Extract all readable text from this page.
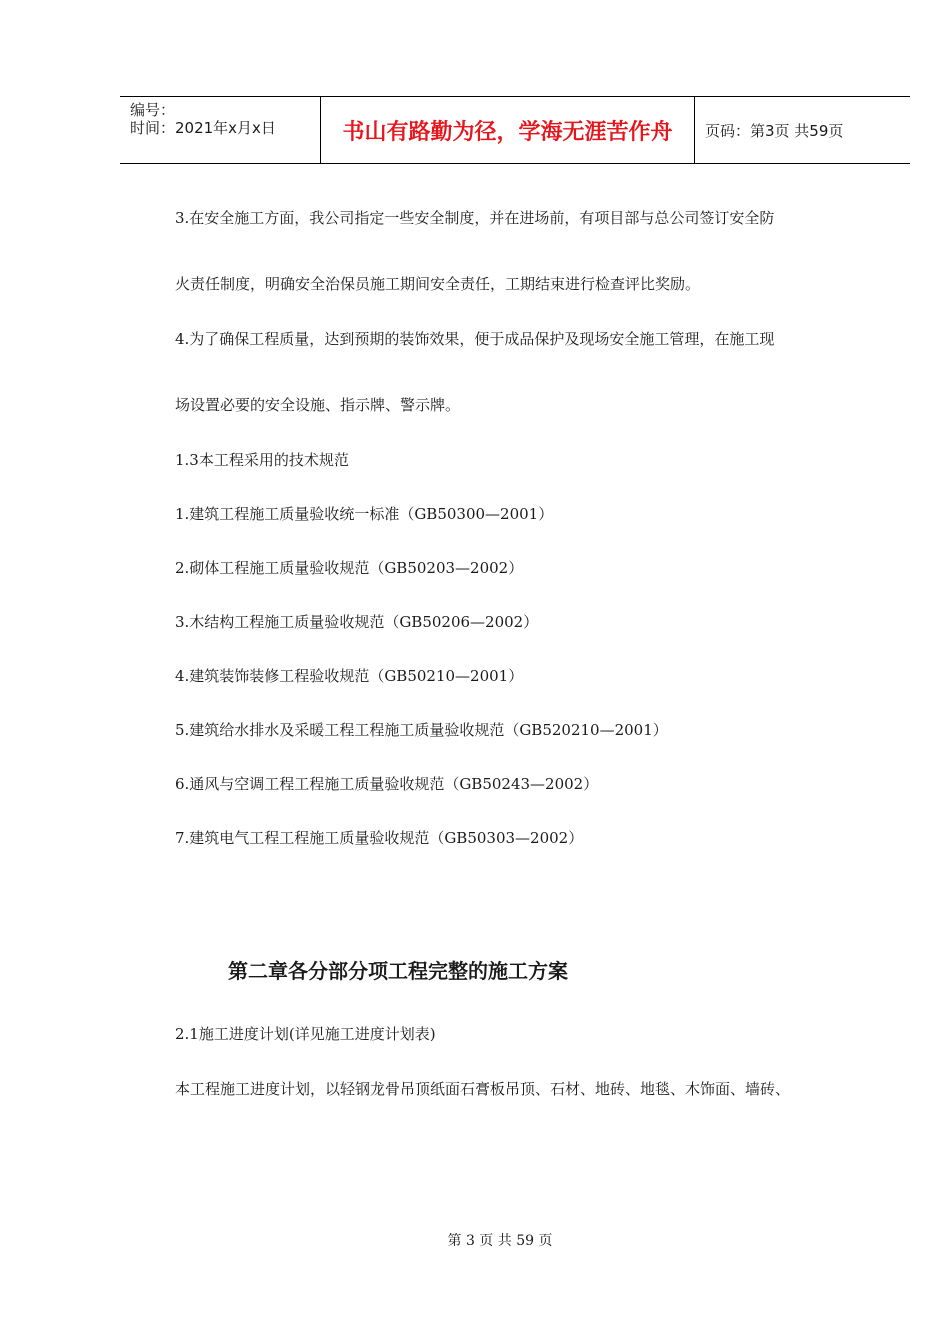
编号：
时间：2021年x月x日	书山有路勤为径，学海无涯苦作舟	页码：第3页 共59页
3.在安全施工方面，我公司指定一些安全制度，并在进场前，有项目部与总公司签订安全防
火责任制度，明确安全治保员施工期间安全责任，工期结束进行检查评比奖励。
4.为了确保工程质量，达到预期的装饰效果，便于成品保护及现场安全施工管理，在施工现
场设置必要的安全设施、指示牌、警示牌。
1.3本工程采用的技术规范
1.建筑工程施工质量验收统一标准（GB50300—2001）
2.砌体工程施工质量验收规范（GB50203—2002）
3.木结构工程施工质量验收规范（GB50206—2002）
4.建筑装饰装修工程验收规范（GB50210—2001）
5.建筑给水排水及采暖工程工程施工质量验收规范（GB520210—2001）
6.通风与空调工程工程施工质量验收规范（GB50243—2002）
7.建筑电气工程工程施工质量验收规范（GB50303—2002）
第二章各分部分项工程完整的施工方案
2.1施工进度计划(详见施工进度计划表)
本工程施工进度计划，以轻钢龙骨吊顶纸面石膏板吊顶、石材、地砖、地毯、木饰面、墙砖、
第 3 页 共 59 页
